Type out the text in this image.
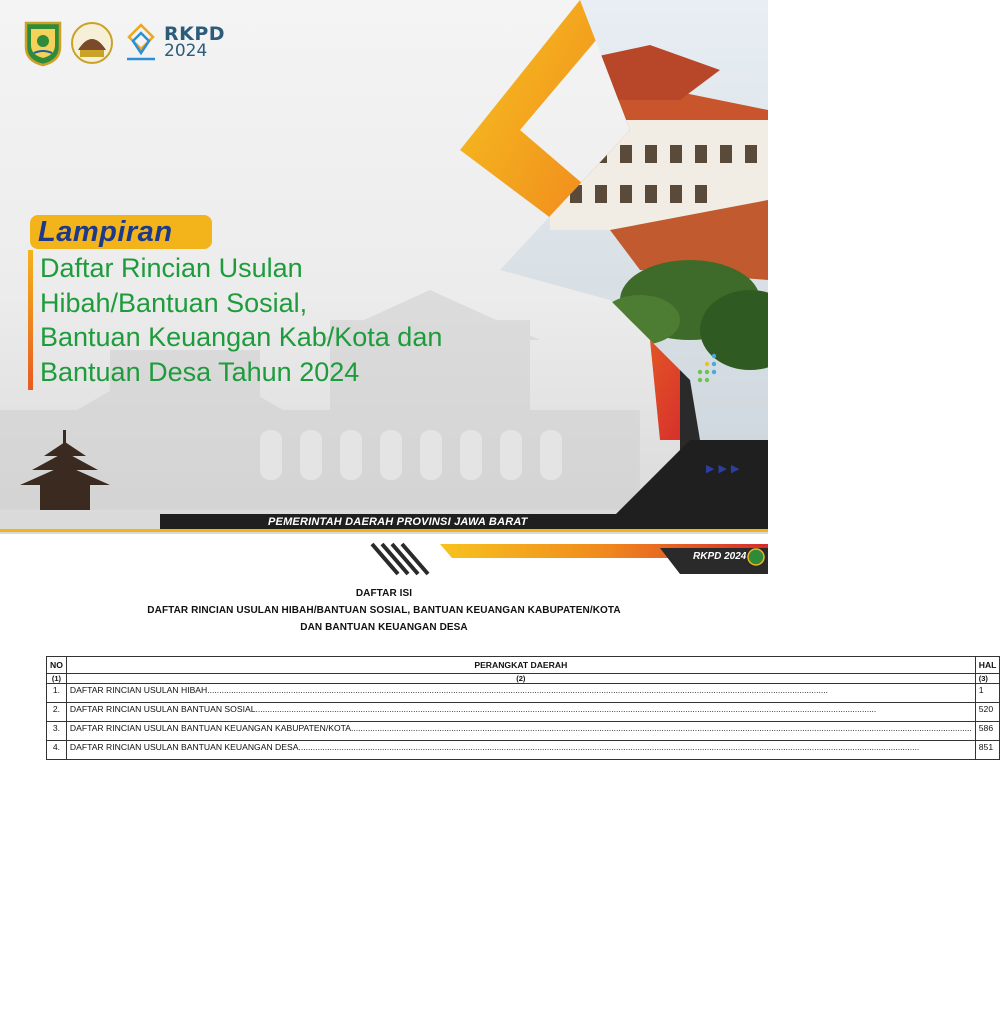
▶▶▶
RKPD
2024
Lampiran
Daftar Rincian Usulan
Hibah/Bantuan Sosial,
Bantuan Keuangan Kab/Kota dan
Bantuan Desa Tahun 2024
PEMERINTAH DAERAH PROVINSI JAWA BARAT
RKPD 2024
DAFTAR ISI
DAFTAR RINCIAN USULAN HIBAH/BANTUAN SOSIAL, BANTUAN KEUANGAN KABUPATEN/KOTA
DAN BANTUAN KEUANGAN DESA
NO	PERANGKAT DAERAH	HAL
(1)	(2)	(3)
1.	DAFTAR RINCIAN USULAN HIBAH....................................................................................................................................................................................................................................................................	1
2.	DAFTAR RINCIAN USULAN BANTUAN SOSIAL....................................................................................................................................................................................................................................................................	520
3.	DAFTAR RINCIAN USULAN BANTUAN KEUANGAN KABUPATEN/KOTA....................................................................................................................................................................................................................................................................	586
4.	DAFTAR RINCIAN USULAN BANTUAN KEUANGAN DESA....................................................................................................................................................................................................................................................................	851
